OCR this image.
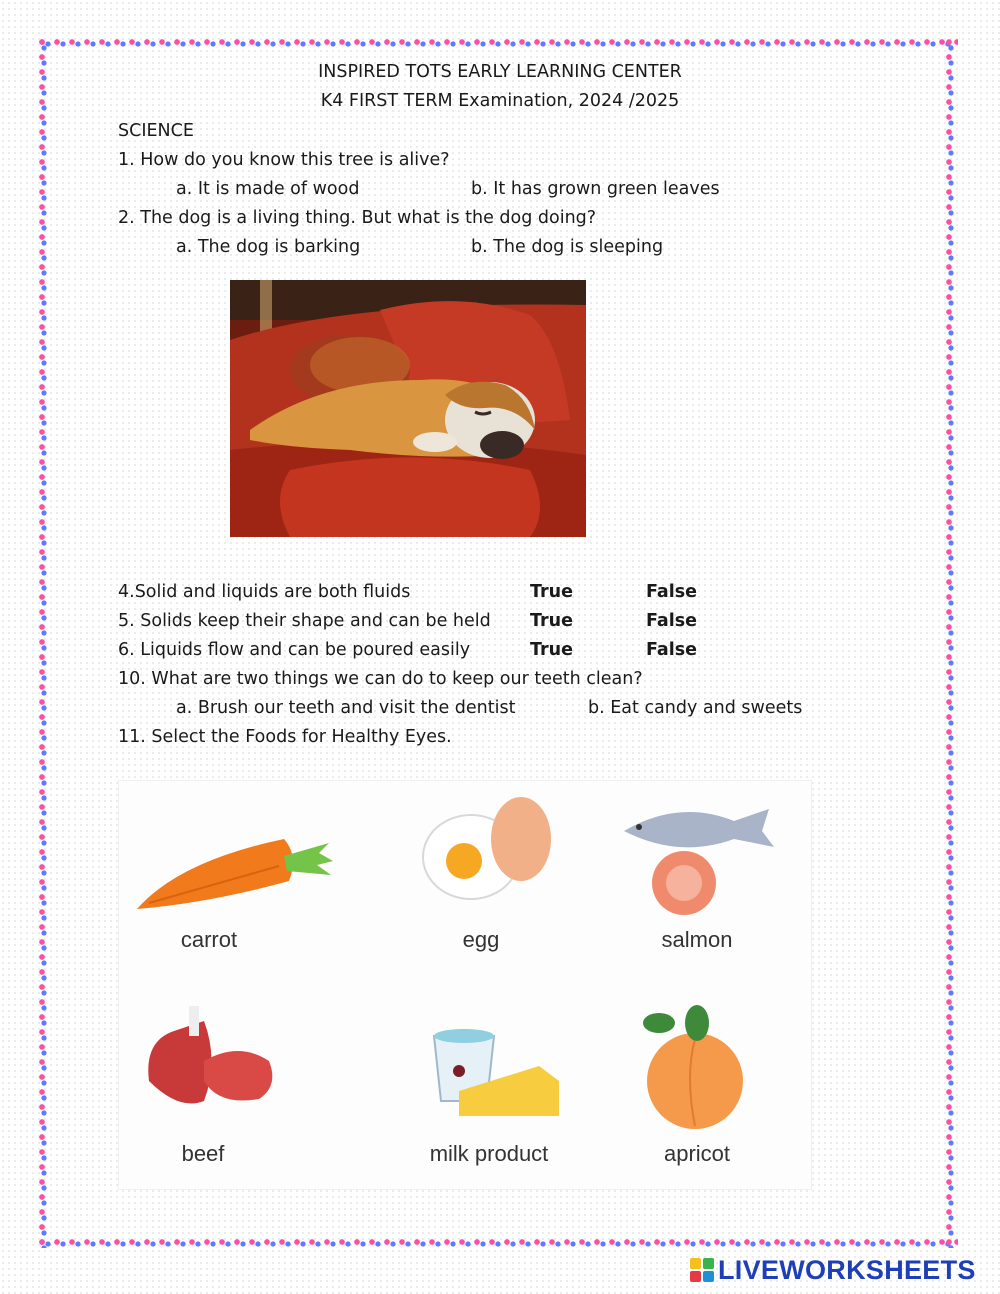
INSPIRED TOTS EARLY LEARNING CENTER
K4 FIRST TERM Examination, 2024 /2025
SCIENCE
1. How do you know this tree is alive?
a. It is made of wood	b. It has grown green leaves
2. The dog is a living thing. But what is the dog doing?
a. The dog is barking	b. The dog is sleeping
4.Solid and liquids are both fluids	True	False
5. Solids keep their shape and can be held True	False
6. Liquids flow and can be poured easily	True	False
10. What are two things we can do to keep our teeth clean?
a. Brush our teeth and visit the dentist	b. Eat candy and sweets
11. Select the Foods for Healthy Eyes.
carrot	egg	salmon
beef	milk product	apricot
LIVEWORKSHEETS
